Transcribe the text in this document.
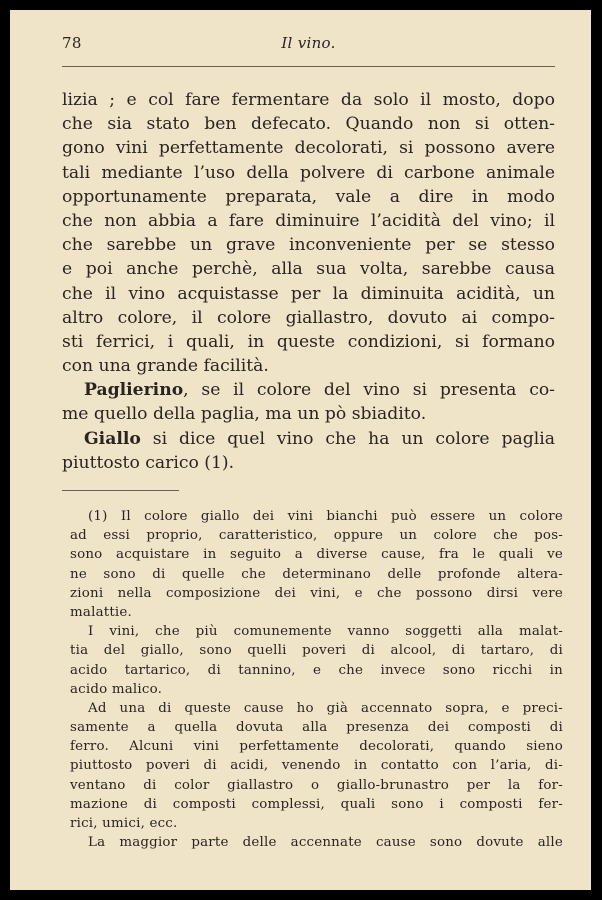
78	Il vino.
lizia ; e col fare fermentare da solo il mosto, dopo
che sia stato ben defecato. Quando non si otten-
gono vini perfettamente decolorati, si possono avere
tali mediante l’uso della polvere di carbone animale
opportunamente preparata, vale a dire in modo
che non abbia a fare diminuire l’acidità del vino; il
che sarebbe un grave inconveniente per se stesso
e poi anche perchè, alla sua volta, sarebbe causa
che il vino acquistasse per la diminuita acidità, un
altro colore, il colore giallastro, dovuto ai compo-
sti ferrici, i quali, in queste condizioni, si formano
con una grande facilità.
Paglierino, se il colore del vino si presenta co-
me quello della paglia, ma un pò sbiadito.
Giallo si dice quel vino che ha un colore paglia
piuttosto carico (1).
(1) Il colore giallo dei vini bianchi può essere un colore
ad essi proprio, caratteristico, oppure un colore che pos-
sono acquistare in seguito a diverse cause, fra le quali ve
ne sono di quelle che determinano delle profonde altera-
zioni nella composizione dei vini, e che possono dirsi vere
malattie.
I vini, che più comunemente vanno soggetti alla malat-
tia del giallo, sono quelli poveri di alcool, di tartaro, di
acido tartarico, di tannino, e che invece sono ricchi in
acido malico.
Ad una di queste cause ho già accennato sopra, e preci-
samente a quella dovuta alla presenza dei composti di
ferro. Alcuni vini perfettamente decolorati, quando sieno
piuttosto poveri di acidi, venendo in contatto con l’aria, di-
ventano di color giallastro o giallo-brunastro per la for-
mazione di composti complessi, quali sono i composti fer-
rici, umici, ecc.
La maggior parte delle accennate cause sono dovute alle
